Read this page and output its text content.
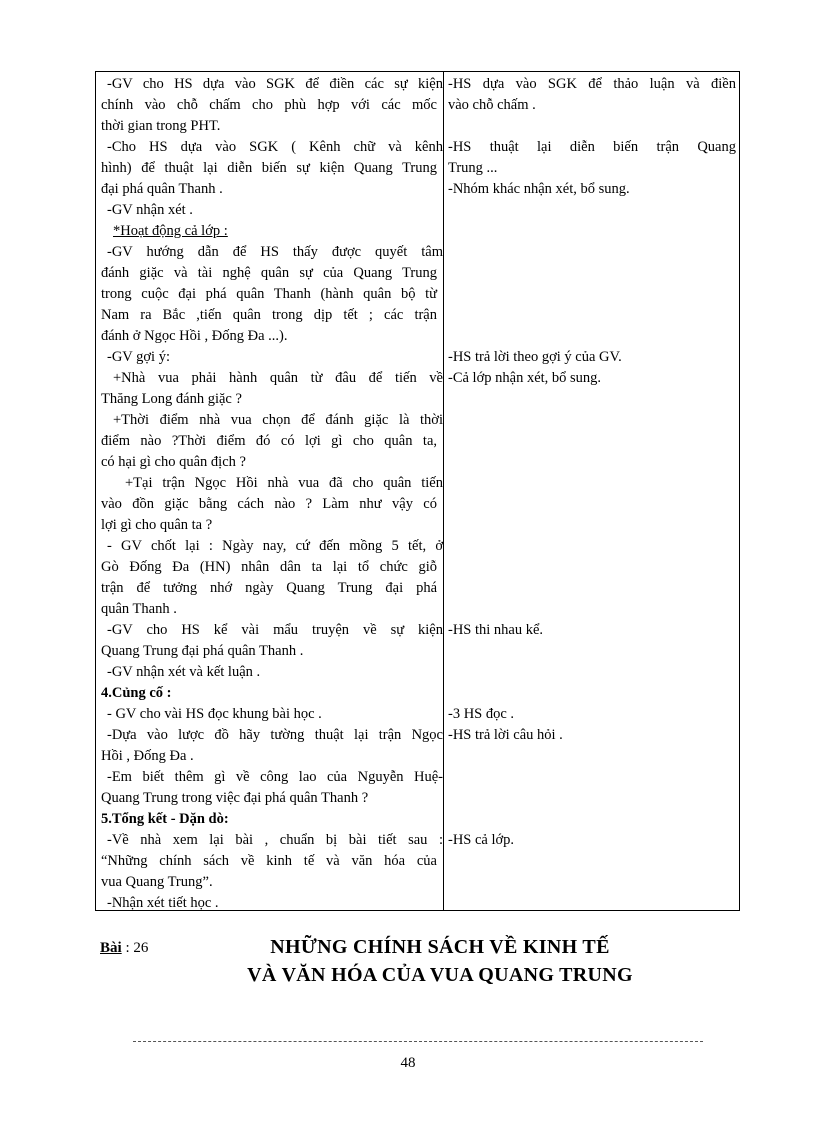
-GV cho HS dựa vào SGK để điền các sự kiện
chính vào chỗ chấm cho phù hợp với các mốc
thời gian trong PHT.
-Cho HS dựa vào SGK ( Kênh chữ và kênh
hình) để thuật lại diễn biến sự kiện Quang Trung
đại phá quân Thanh .
-GV nhận xét .
*Hoạt động cả lớp :
-GV hướng dẫn để HS thấy được quyết tâm
đánh giặc và tài nghệ quân sự của Quang Trung
trong cuộc đại phá quân Thanh (hành quân bộ từ
Nam ra Bắc ,tiến quân trong dịp tết ; các trận
đánh ở Ngọc Hồi , Đống Đa ...).
-GV gợi ý:
+Nhà vua phải hành quân từ đâu để tiến về
Thăng Long đánh giặc ?
+Thời điểm nhà vua chọn để đánh giặc là thời
điểm nào ?Thời điểm đó có lợi gì cho quân ta,
có hại gì cho quân địch ?
+Tại trận Ngọc Hồi nhà vua đã cho quân tiến
vào đồn giặc bằng cách nào ? Làm như vậy có
lợi gì cho quân ta ?
- GV chốt lại : Ngày nay, cứ đến mồng 5 tết, ở
Gò Đống Đa (HN) nhân dân ta lại tổ chức giỗ
trận để tưởng nhớ ngày Quang Trung đại phá
quân Thanh .
-GV cho HS kể vài mẩu truyện về sự kiện
Quang Trung đại phá quân Thanh .
-GV nhận xét và kết luận .
4.Củng cố :
- GV cho vài HS đọc khung bài học .
-Dựa vào lược đồ hãy tường thuật lại trận Ngọc
Hồi , Đống Đa .
-Em biết thêm gì về công lao của Nguyễn Huệ-
Quang Trung trong việc đại phá quân Thanh ?
5.Tổng kết - Dặn dò:
-Về nhà xem lại bài , chuẩn bị bài tiết sau :
“Những chính sách về kinh tế và văn hóa của
vua Quang Trung”.
-Nhận xét tiết học .
-HS dựa vào SGK để thảo luận và điền
vào chỗ chấm .
-HS thuật lại diễn biến trận Quang
Trung ...
-Nhóm khác nhận xét, bổ sung.
-HS trả lời theo gợi ý của GV.
-Cả lớp nhận xét, bổ sung.
-HS thi nhau kể.
-3 HS đọc .
-HS trả lời câu hỏi .
-HS cả lớp.
Bài : 26	NHỮNG CHÍNH SÁCH VỀ KINH TẾ
VÀ VĂN HÓA CỦA VUA QUANG TRUNG
48
